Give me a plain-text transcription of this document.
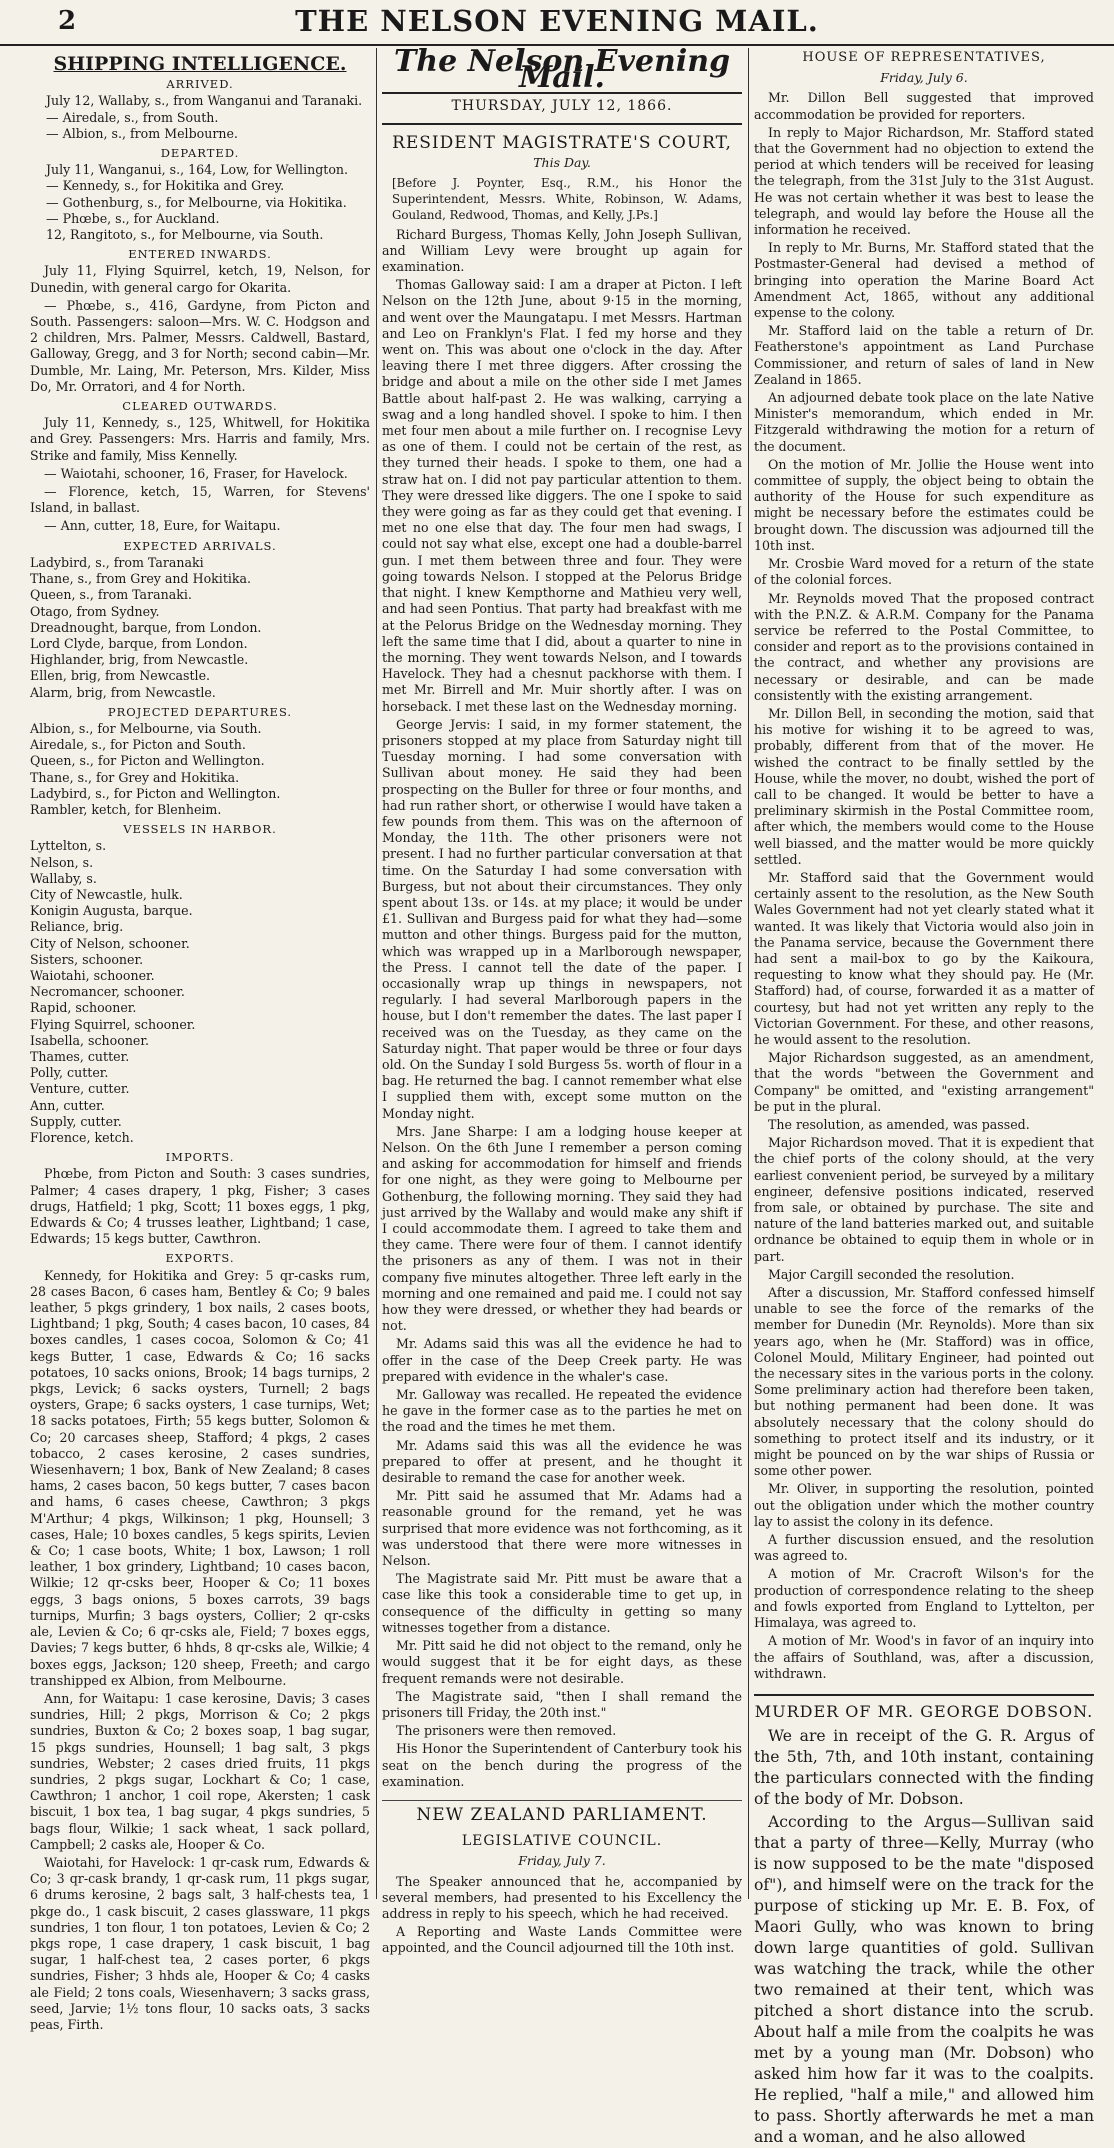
2	THE NELSON EVENING MAIL.
SHIPPING INTELLIGENCE.
ARRIVED.
July 12, Wallaby, s., from Wanganui and Taranaki.
— Airedale, s., from South.
— Albion, s., from Melbourne.
DEPARTED.
July 11, Wanganui, s., 164, Low, for Wellington.
— Kennedy, s., for Hokitika and Grey.
— Gothenburg, s., for Melbourne, via Hokitika.
— Phœbe, s., for Auckland.
12, Rangitoto, s., for Melbourne, via South.
ENTERED INWARDS.

July 11, Flying Squirrel, ketch, 19, Nelson, for Dunedin, with general cargo for Okarita.

— Phœbe, s., 416, Gardyne, from Picton and South. Passengers: saloon—Mrs. W. C. Hodgson and 2 children, Mrs. Palmer, Messrs. Caldwell, Bastard, Galloway, Gregg, and 3 for North; second cabin—Mr. Dumble, Mr. Laing, Mr. Peterson, Mrs. Kilder, Miss Do, Mr. Orratori, and 4 for North.

CLEARED OUTWARDS.

July 11, Kennedy, s., 125, Whitwell, for Hokitika and Grey. Passengers: Mrs. Harris and family, Mrs. Strike and family, Miss Kennelly.

— Waiotahi, schooner, 16, Fraser, for Havelock.

— Florence, ketch, 15, Warren, for Stevens' Island, in ballast.

— Ann, cutter, 18, Eure, for Waitapu.

EXPECTED ARRIVALS.
Ladybird, s., from Taranaki
Thane, s., from Grey and Hokitika.
Queen, s., from Taranaki.
Otago, from Sydney.
Dreadnought, barque, from London.
Lord Clyde, barque, from London.
Highlander, brig, from Newcastle.
Ellen, brig, from Newcastle.
Alarm, brig, from Newcastle.
PROJECTED DEPARTURES.
Albion, s., for Melbourne, via South.
Airedale, s., for Picton and South.
Queen, s., for Picton and Wellington.
Thane, s., for Grey and Hokitika.
Ladybird, s., for Picton and Wellington.
Rambler, ketch, for Blenheim.
VESSELS IN HARBOR.
Lyttelton, s.
Nelson, s.
Wallaby, s.
City of Newcastle, hulk.
Konigin Augusta, barque.
Reliance, brig.
City of Nelson, schooner.
Sisters, schooner.
Waiotahi, schooner.
Necromancer, schooner.
Rapid, schooner.
Flying Squirrel, schooner.
Isabella, schooner.
Thames, cutter.
Polly, cutter.
Venture, cutter.
Ann, cutter.
Supply, cutter.
Florence, ketch.
IMPORTS.

Phœbe, from Picton and South: 3 cases sundries, Palmer; 4 cases drapery, 1 pkg, Fisher; 3 cases drugs, Hatfield; 1 pkg, Scott; 11 boxes eggs, 1 pkg, Edwards & Co; 4 trusses leather, Lightband; 1 case, Edwards; 15 kegs butter, Cawthron.

EXPORTS.

Kennedy, for Hokitika and Grey: 5 qr-casks rum, 28 cases Bacon, 6 cases ham, Bentley & Co; 9 bales leather, 5 pkgs grindery, 1 box nails, 2 cases boots, Lightband; 1 pkg, South; 4 cases bacon, 10 cases, 84 boxes candles, 1 cases cocoa, Solomon & Co; 41 kegs Butter, 1 case, Edwards & Co; 16 sacks potatoes, 10 sacks onions, Brook; 14 bags turnips, 2 pkgs, Levick; 6 sacks oysters, Turnell; 2 bags oysters, Grape; 6 sacks oysters, 1 case turnips, Wet; 18 sacks potatoes, Firth; 55 kegs butter, Solomon & Co; 20 carcases sheep, Stafford; 4 pkgs, 2 cases tobacco, 2 cases kerosine, 2 cases sundries, Wiesenhavern; 1 box, Bank of New Zealand; 8 cases hams, 2 cases bacon, 50 kegs butter, 7 cases bacon and hams, 6 cases cheese, Cawthron; 3 pkgs M'Arthur; 4 pkgs, Wilkinson; 1 pkg, Hounsell; 3 cases, Hale; 10 boxes candles, 5 kegs spirits, Levien & Co; 1 case boots, White; 1 box, Lawson; 1 roll leather, 1 box grindery, Lightband; 10 cases bacon, Wilkie; 12 qr-csks beer, Hooper & Co; 11 boxes eggs, 3 bags onions, 5 boxes carrots, 39 bags turnips, Murfin; 3 bags oysters, Collier; 2 qr-csks ale, Levien & Co; 6 qr-csks ale, Field; 7 boxes eggs, Davies; 7 kegs butter, 6 hhds, 8 qr-csks ale, Wilkie; 4 boxes eggs, Jackson; 120 sheep, Freeth; and cargo transhipped ex Albion, from Melbourne.

Ann, for Waitapu: 1 case kerosine, Davis; 3 cases sundries, Hill; 2 pkgs, Morrison & Co; 2 pkgs sundries, Buxton & Co; 2 boxes soap, 1 bag sugar, 15 pkgs sundries, Hounsell; 1 bag salt, 3 pkgs sundries, Webster; 2 cases dried fruits, 11 pkgs sundries, 2 pkgs sugar, Lockhart & Co; 1 case, Cawthron; 1 anchor, 1 coil rope, Akersten; 1 cask biscuit, 1 box tea, 1 bag sugar, 4 pkgs sundries, 5 bags flour, Wilkie; 1 sack wheat, 1 sack pollard, Campbell; 2 casks ale, Hooper & Co.

Waiotahi, for Havelock: 1 qr-cask rum, Edwards & Co; 3 qr-cask brandy, 1 qr-cask rum, 11 pkgs sugar, 6 drums kerosine, 2 bags salt, 3 half-chests tea, 1 pkge do., 1 cask biscuit, 2 cases glassware, 11 pkgs sundries, 1 ton flour, 1 ton potatoes, Levien & Co; 2 pkgs rope, 1 case drapery, 1 cask biscuit, 1 bag sugar, 1 half-chest tea, 2 cases porter, 6 pkgs sundries, Fisher; 3 hhds ale, Hooper & Co; 4 casks ale Field; 2 tons coals, Wiesenhavern; 3 sacks grass, seed, Jarvie; 1½ tons flour, 10 sacks oats, 3 sacks peas, Firth.

The Nelson Evening Mail.
THURSDAY, JULY 12, 1866.
RESIDENT MAGISTRATE'S COURT,
This Day.

[Before J. Poynter, Esq., R.M., his Honor the Superintendent, Messrs. White, Robinson, W. Adams, Gouland, Redwood, Thomas, and Kelly, J.Ps.]

Richard Burgess, Thomas Kelly, John Joseph Sullivan, and William Levy were brought up again for examination.

Thomas Galloway said: I am a draper at Picton. I left Nelson on the 12th June, about 9·15 in the morning, and went over the Maungatapu. I met Messrs. Hartman and Leo on Franklyn's Flat. I fed my horse and they went on. This was about one o'clock in the day. After leaving there I met three diggers. After crossing the bridge and about a mile on the other side I met James Battle about half-past 2. He was walking, carrying a swag and a long handled shovel. I spoke to him. I then met four men about a mile further on. I recognise Levy as one of them. I could not be certain of the rest, as they turned their heads. I spoke to them, one had a straw hat on. I did not pay particular attention to them. They were dressed like diggers. The one I spoke to said they were going as far as they could get that evening. I met no one else that day. The four men had swags, I could not say what else, except one had a double-barrel gun. I met them between three and four. They were going towards Nelson. I stopped at the Pelorus Bridge that night. I knew Kempthorne and Mathieu very well, and had seen Pontius. That party had breakfast with me at the Pelorus Bridge on the Wednesday morning. They left the same time that I did, about a quarter to nine in the morning. They went towards Nelson, and I towards Havelock. They had a chesnut packhorse with them. I met Mr. Birrell and Mr. Muir shortly after. I was on horseback. I met these last on the Wednesday morning.

George Jervis: I said, in my former statement, the prisoners stopped at my place from Saturday night till Tuesday morning. I had some conversation with Sullivan about money. He said they had been prospecting on the Buller for three or four months, and had run rather short, or otherwise I would have taken a few pounds from them. This was on the afternoon of Monday, the 11th. The other prisoners were not present. I had no further particular conversation at that time. On the Saturday I had some conversation with Burgess, but not about their circumstances. They only spent about 13s. or 14s. at my place; it would be under £1. Sullivan and Burgess paid for what they had—some mutton and other things. Burgess paid for the mutton, which was wrapped up in a Marlborough newspaper, the Press. I cannot tell the date of the paper. I occasionally wrap up things in newspapers, not regularly. I had several Marlborough papers in the house, but I don't remember the dates. The last paper I received was on the Tuesday, as they came on the Saturday night. That paper would be three or four days old. On the Sunday I sold Burgess 5s. worth of flour in a bag. He returned the bag. I cannot remember what else I supplied them with, except some mutton on the Monday night.

Mrs. Jane Sharpe: I am a lodging house keeper at Nelson. On the 6th June I remember a person coming and asking for accommodation for himself and friends for one night, as they were going to Melbourne per Gothenburg, the following morning. They said they had just arrived by the Wallaby and would make any shift if I could accommodate them. I agreed to take them and they came. There were four of them. I cannot identify the prisoners as any of them. I was not in their company five minutes altogether. Three left early in the morning and one remained and paid me. I could not say how they were dressed, or whether they had beards or not.

Mr. Adams said this was all the evidence he had to offer in the case of the Deep Creek party. He was prepared with evidence in the whaler's case.

Mr. Galloway was recalled. He repeated the evidence he gave in the former case as to the parties he met on the road and the times he met them.

Mr. Adams said this was all the evidence he was prepared to offer at present, and he thought it desirable to remand the case for another week.

Mr. Pitt said he assumed that Mr. Adams had a reasonable ground for the remand, yet he was surprised that more evidence was not forthcoming, as it was understood that there were more witnesses in Nelson.

The Magistrate said Mr. Pitt must be aware that a case like this took a considerable time to get up, in consequence of the difficulty in getting so many witnesses together from a distance.

Mr. Pitt said he did not object to the remand, only he would suggest that it be for eight days, as these frequent remands were not desirable.

The Magistrate said, "then I shall remand the prisoners till Friday, the 20th inst."

The prisoners were then removed.

His Honor the Superintendent of Canterbury took his seat on the bench during the progress of the examination.

NEW ZEALAND PARLIAMENT.
LEGISLATIVE COUNCIL.
Friday, July 7.

The Speaker announced that he, accompanied by several members, had presented to his Excellency the address in reply to his speech, which he had received.

A Reporting and Waste Lands Committee were appointed, and the Council adjourned till the 10th inst.

HOUSE OF REPRESENTATIVES,
Friday, July 6.

Mr. Dillon Bell suggested that improved accommodation be provided for reporters.

In reply to Major Richardson, Mr. Stafford stated that the Government had no objection to extend the period at which tenders will be received for leasing the telegraph, from the 31st July to the 31st August. He was not certain whether it was best to lease the telegraph, and would lay before the House all the information he received.

In reply to Mr. Burns, Mr. Stafford stated that the Postmaster-General had devised a method of bringing into operation the Marine Board Act Amendment Act, 1865, without any additional expense to the colony.

Mr. Stafford laid on the table a return of Dr. Featherstone's appointment as Land Purchase Commissioner, and return of sales of land in New Zealand in 1865.

An adjourned debate took place on the late Native Minister's memorandum, which ended in Mr. Fitzgerald withdrawing the motion for a return of the document.

On the motion of Mr. Jollie the House went into committee of supply, the object being to obtain the authority of the House for such expenditure as might be necessary before the estimates could be brought down. The discussion was adjourned till the 10th inst.

Mr. Crosbie Ward moved for a return of the state of the colonial forces.

Mr. Reynolds moved That the proposed contract with the P.N.Z. & A.R.M. Company for the Panama service be referred to the Postal Committee, to consider and report as to the provisions contained in the contract, and whether any provisions are necessary or desirable, and can be made consistently with the existing arrangement.

Mr. Dillon Bell, in seconding the motion, said that his motive for wishing it to be agreed to was, probably, different from that of the mover. He wished the contract to be finally settled by the House, while the mover, no doubt, wished the port of call to be changed. It would be better to have a preliminary skirmish in the Postal Committee room, after which, the members would come to the House well biassed, and the matter would be more quickly settled.

Mr. Stafford said that the Government would certainly assent to the resolution, as the New South Wales Government had not yet clearly stated what it wanted. It was likely that Victoria would also join in the Panama service, because the Government there had sent a mail-box to go by the Kaikoura, requesting to know what they should pay. He (Mr. Stafford) had, of course, forwarded it as a matter of courtesy, but had not yet written any reply to the Victorian Government. For these, and other reasons, he would assent to the resolution.

Major Richardson suggested, as an amendment, that the words "between the Government and Company" be omitted, and "existing arrangement" be put in the plural.

The resolution, as amended, was passed.

Major Richardson moved. That it is expedient that the chief ports of the colony should, at the very earliest convenient period, be surveyed by a military engineer, defensive positions indicated, reserved from sale, or obtained by purchase. The site and nature of the land batteries marked out, and suitable ordnance be obtained to equip them in whole or in part.

Major Cargill seconded the resolution.

After a discussion, Mr. Stafford confessed himself unable to see the force of the remarks of the member for Dunedin (Mr. Reynolds). More than six years ago, when he (Mr. Stafford) was in office, Colonel Mould, Military Engineer, had pointed out the necessary sites in the various ports in the colony. Some preliminary action had therefore been taken, but nothing permanent had been done. It was absolutely necessary that the colony should do something to protect itself and its industry, or it might be pounced on by the war ships of Russia or some other power.

Mr. Oliver, in supporting the resolution, pointed out the obligation under which the mother country lay to assist the colony in its defence.

A further discussion ensued, and the resolution was agreed to.

A motion of Mr. Cracroft Wilson's for the production of correspondence relating to the sheep and fowls exported from England to Lyttelton, per Himalaya, was agreed to.

A motion of Mr. Wood's in favor of an inquiry into the affairs of Southland, was, after a discussion, withdrawn.

MURDER OF MR. GEORGE DOBSON.

We are in receipt of the G. R. Argus of the 5th, 7th, and 10th instant, containing the particulars connected with the finding of the body of Mr. Dobson.

According to the Argus—Sullivan said that a party of three—Kelly, Murray (who is now supposed to be the mate "disposed of"), and himself were on the track for the purpose of sticking up Mr. E. B. Fox, of Maori Gully, who was known to bring down large quantities of gold. Sullivan was watching the track, while the other two remained at their tent, which was pitched a short distance into the scrub. About half a mile from the coalpits he was met by a young man (Mr. Dobson) who asked him how far it was to the coalpits. He replied, "half a mile," and allowed him to pass. Shortly afterwards he met a man and a woman, and he also allowed
